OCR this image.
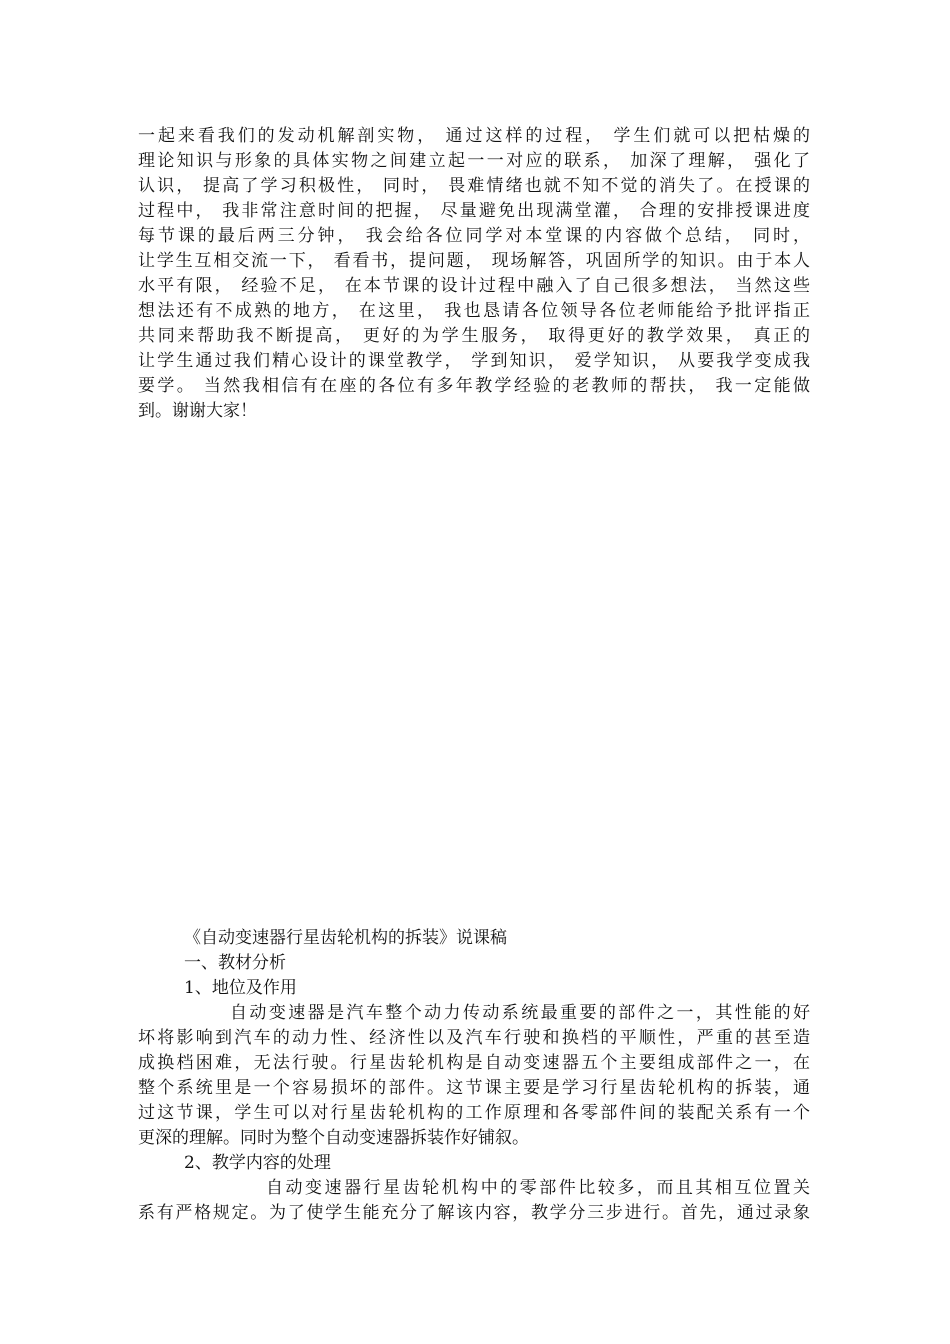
一起来看我们的发动机解剖实物， 通过这样的过程， 学生们就可以把枯燥的
理论知识与形象的具体实物之间建立起一一对应的联系， 加深了理解， 强化了
认识， 提高了学习积极性， 同时， 畏难情绪也就不知不觉的消失了。在授课的
过程中， 我非常注意时间的把握， 尽量避免出现满堂灌， 合理的安排授课进度
每节课的最后两三分钟， 我会给各位同学对本堂课的内容做个总结， 同时，
让学生互相交流一下， 看看书，提问题， 现场解答，巩固所学的知识。由于本人
水平有限， 经验不足， 在本节课的设计过程中融入了自己很多想法， 当然这些
想法还有不成熟的地方， 在这里， 我也恳请各位领导各位老师能给予批评指正
共同来帮助我不断提高， 更好的为学生服务， 取得更好的教学效果， 真正的
让学生通过我们精心设计的课堂教学， 学到知识， 爱学知识， 从要我学变成我
要学。 当然我相信有在座的各位有多年教学经验的老教师的帮扶， 我一定能做
到。谢谢大家！
《自动变速器行星齿轮机构的拆装》说课稿
一、教材分析
1、地位及作用
自动变速器是汽车整个动力传动系统最重要的部件之一，其性能的好
坏将影响到汽车的动力性、经济性以及汽车行驶和换档的平顺性，严重的甚至造
成换档困难，无法行驶。行星齿轮机构是自动变速器五个主要组成部件之一，在
整个系统里是一个容易损坏的部件。这节课主要是学习行星齿轮机构的拆装，通
过这节课，学生可以对行星齿轮机构的工作原理和各零部件间的装配关系有一个
更深的理解。同时为整个自动变速器拆装作好铺叙。
2、教学内容的处理
自动变速器行星齿轮机构中的零部件比较多，而且其相互位置关
系有严格规定。为了使学生能充分了解该内容，教学分三步进行。首先，通过录象
